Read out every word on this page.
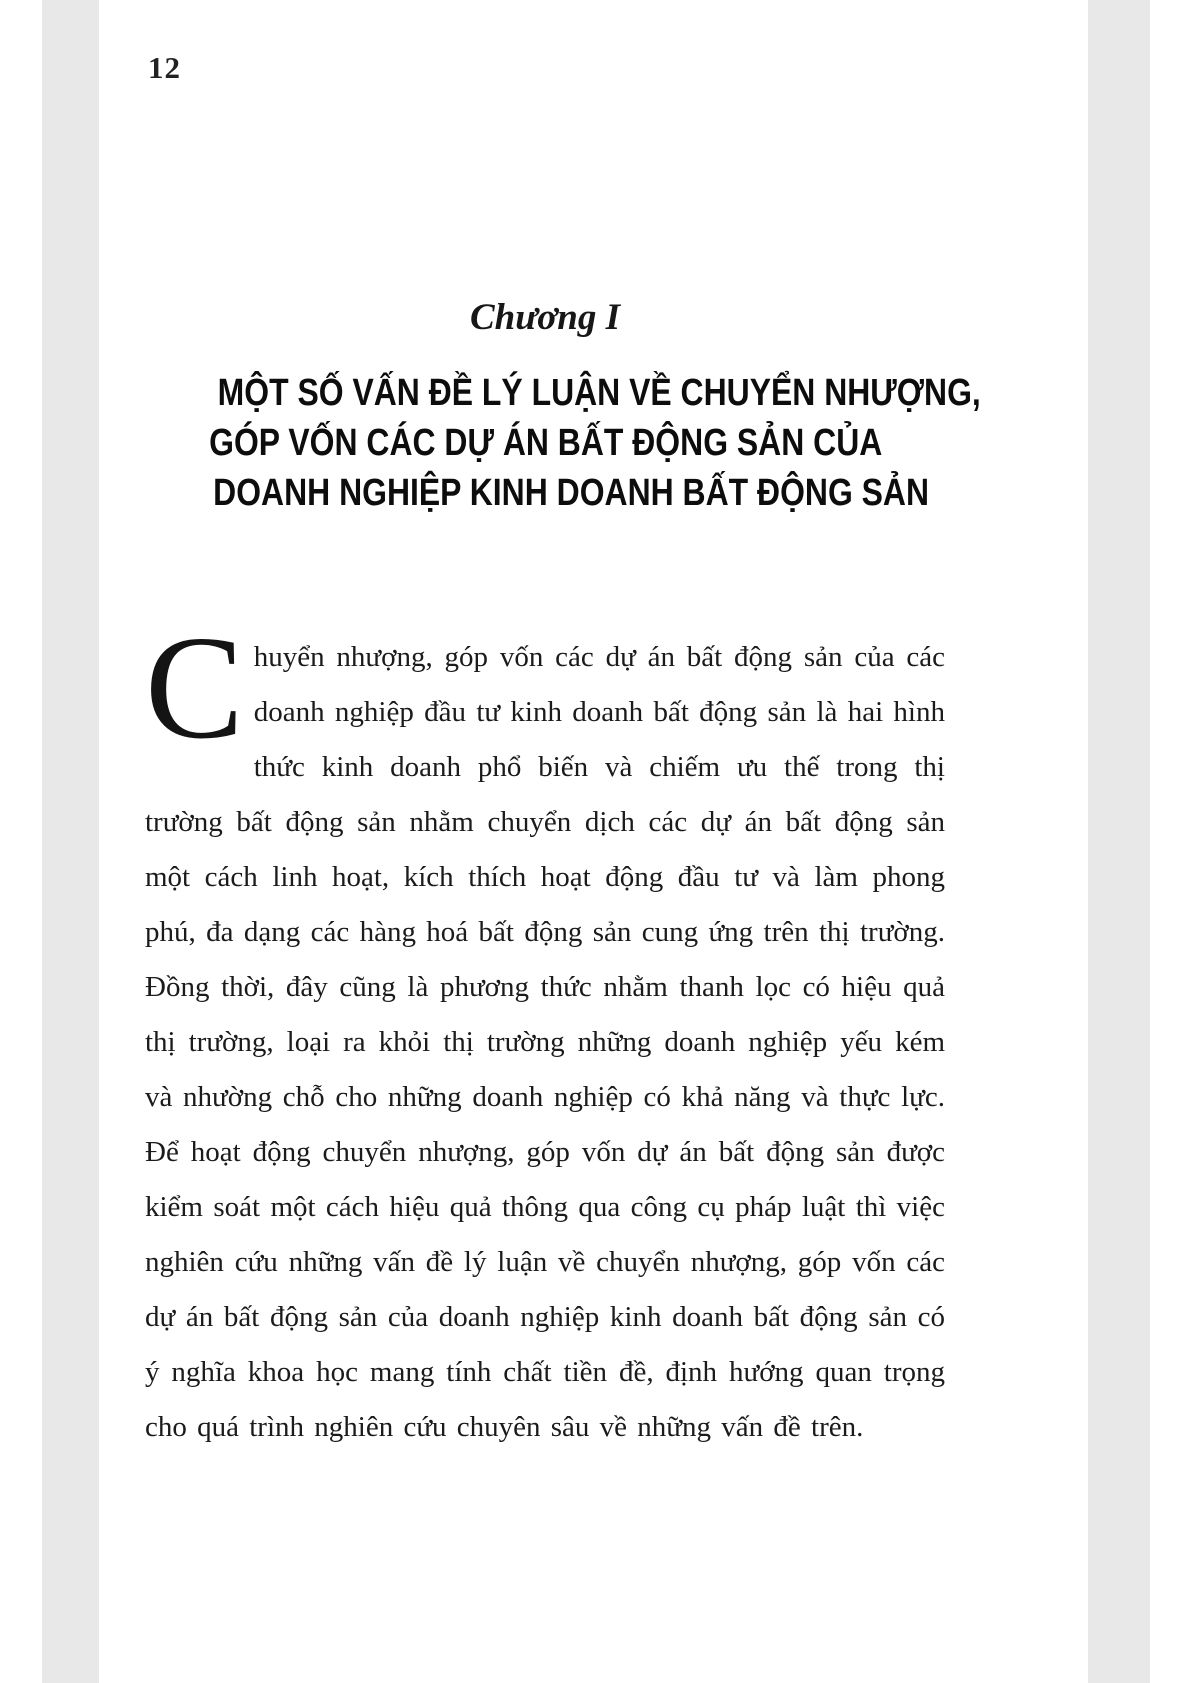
12
Chương I
MỘT SỐ VẤN ĐỀ LÝ LUẬN VỀ CHUYỂN NHƯỢNG,
GÓP VỐN CÁC DỰ ÁN BẤT ĐỘNG SẢN CỦA
DOANH NGHIỆP KINH DOANH BẤT ĐỘNG SẢN
Chuyển nhượng, góp vốn các dự án bất động sản của các doanh nghiệp đầu tư kinh doanh bất động sản là hai hình thức kinh doanh phổ biến và chiếm ưu thế trong thị trường bất động sản nhằm chuyển dịch các dự án bất động sản một cách linh hoạt, kích thích hoạt động đầu tư và làm phong phú, đa dạng các hàng hoá bất động sản cung ứng trên thị trường. Đồng thời, đây cũng là phương thức nhằm thanh lọc có hiệu quả thị trường, loại ra khỏi thị trường những doanh nghiệp yếu kém và nhường chỗ cho những doanh nghiệp có khả năng và thực lực. Để hoạt động chuyển nhượng, góp vốn dự án bất động sản được kiểm soát một cách hiệu quả thông qua công cụ pháp luật thì việc nghiên cứu những vấn đề lý luận về chuyển nhượng, góp vốn các dự án bất động sản của doanh nghiệp kinh doanh bất động sản có ý nghĩa khoa học mang tính chất tiền đề, định hướng quan trọng cho quá trình nghiên cứu chuyên sâu về những vấn đề trên.
